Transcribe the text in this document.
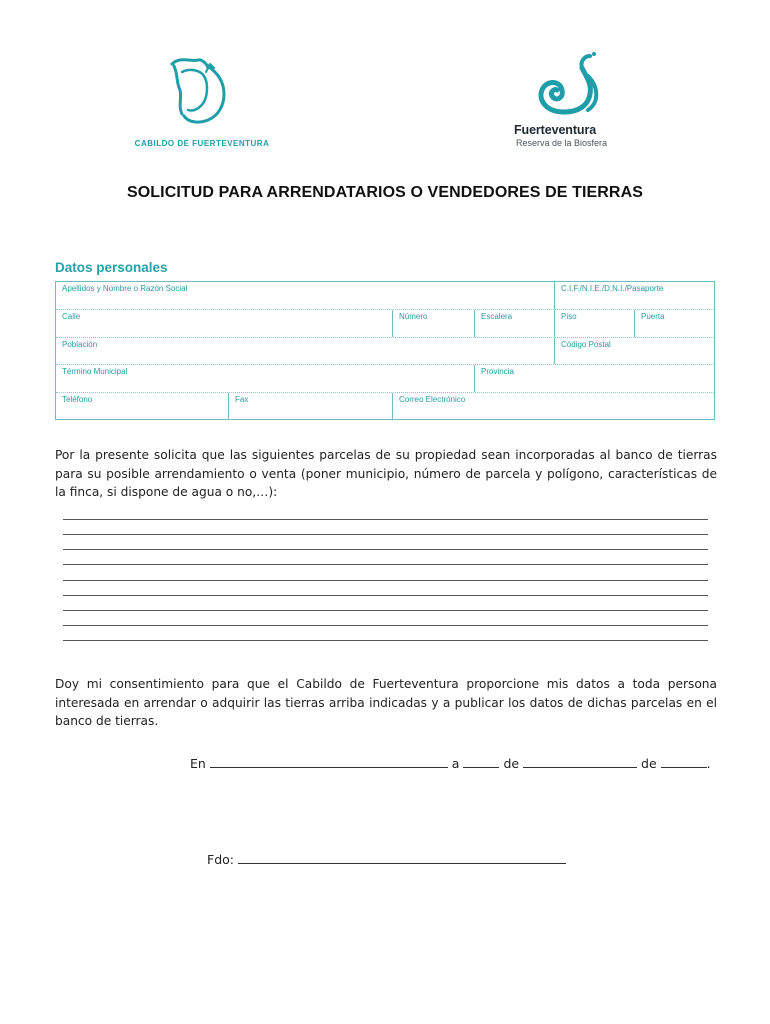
CABILDO DE FUERTEVENTURA
Fuerteventura
Reserva de la Biosfera
SOLICITUD PARA ARRENDATARIOS O VENDEDORES DE TIERRAS
Datos personales
Apellidos y Nombre o Razón Social	C.I.F./N.I.E./D.N.I./Pasaporte
Calle	Número	Escalera	Piso	Puerta
Población	Código Postal
Término Municipal	Provincia
Teléfono	Fax	Correo Electrónico
Por la presente solicita que las siguientes parcelas de su propiedad sean incorporadas al banco de tierras para su posible arrendamiento o venta (poner municipio, número de parcela y polígono, características de la finca, si dispone de agua o no,…):
Doy mi consentimiento para que el Cabildo de Fuerteventura proporcione mis datos a toda persona interesada en arrendar o adquirir las tierras arriba indicadas y a publicar los datos de dichas parcelas en el banco de tierras.
En	a	de	de	.
Fdo:
